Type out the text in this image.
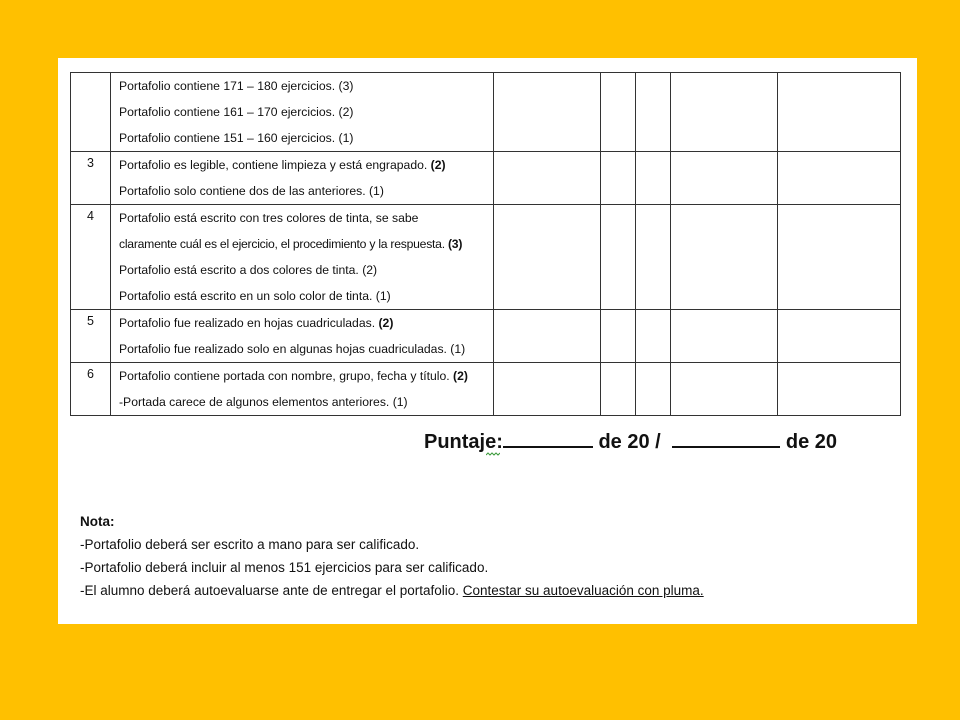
	Portafolio contiene 171 – 180 ejercicios. (3)
Portafolio contiene 161 – 170 ejercicios. (2)
Portafolio contiene 151 – 160 ejercicios. (1)					

3	Portafolio es legible, contiene limpieza y está engrapado. (2)
Portafolio solo contiene dos de las anteriores. (1)					

4	Portafolio está escrito con tres colores de tinta, se sabe
claramente cuál es el ejercicio, el procedimiento y la respuesta. (3)
Portafolio está escrito a dos colores de tinta. (2)
Portafolio está escrito en un solo color de tinta. (1)					

5	Portafolio fue realizado en hojas cuadriculadas. (2)
Portafolio fue realizado solo en algunas hojas cuadriculadas. (1)					

6	Portafolio contiene portada con nombre, grupo, fecha y título. (2)
-Portada carece de algunos elementos anteriores. (1)					

Puntaje:	de 20 /	de 20
Nota:
-Portafolio deberá ser escrito a mano para ser calificado.
-Portafolio deberá incluir al menos 151 ejercicios para ser calificado.
-El alumno deberá autoevaluarse ante de entregar el portafolio. Contestar su autoevaluación con pluma.
